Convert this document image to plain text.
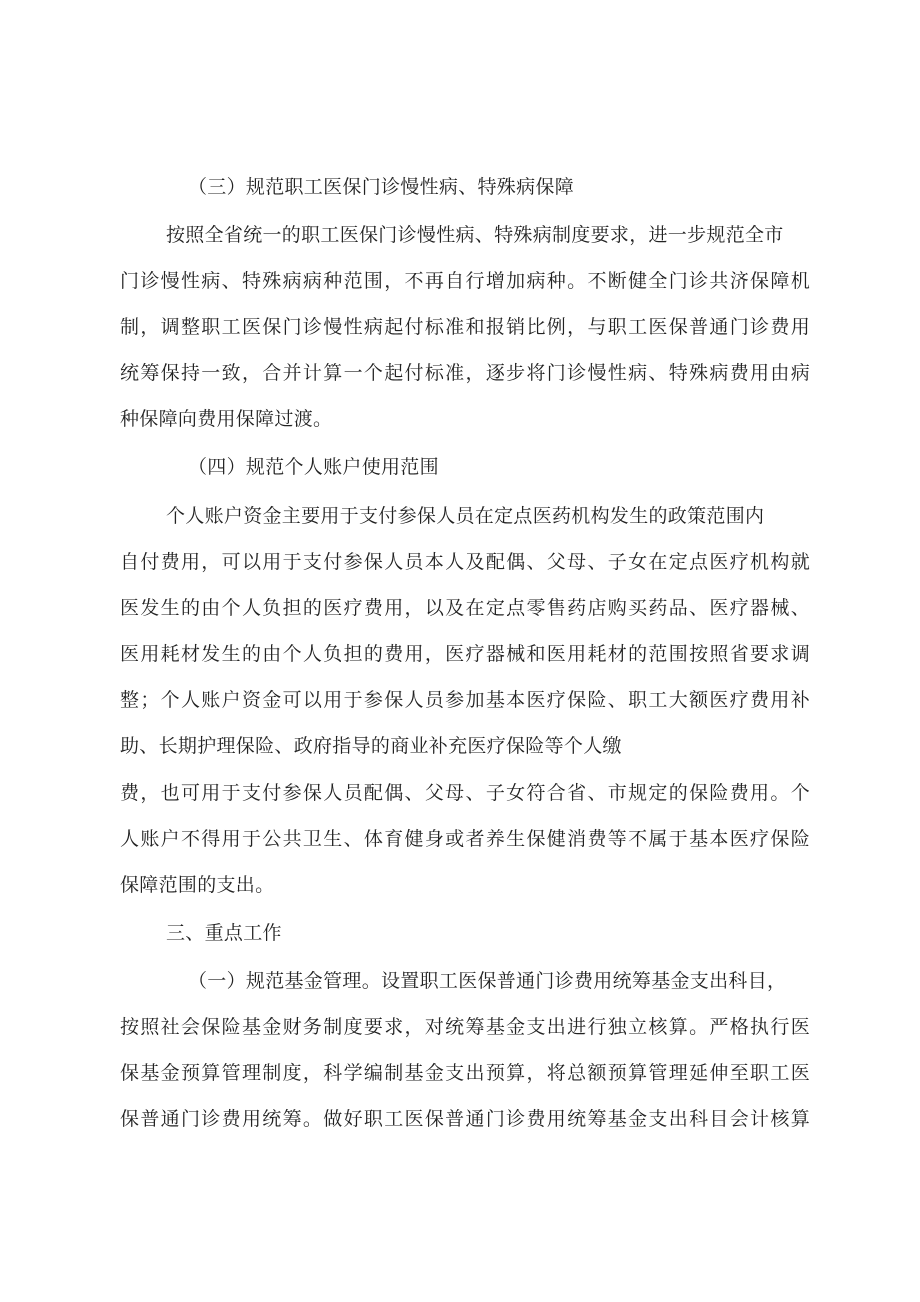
（三）规范职工医保门诊慢性病、特殊病保障
按照全省统一的职工医保门诊慢性病、特殊病制度要求，进一步规范全市
门诊慢性病、特殊病病种范围，不再自行增加病种。不断健全门诊共济保障机
制，调整职工医保门诊慢性病起付标准和报销比例，与职工医保普通门诊费用
统筹保持一致，合并计算一个起付标准，逐步将门诊慢性病、特殊病费用由病
种保障向费用保障过渡。
（四）规范个人账户使用范围
个人账户资金主要用于支付参保人员在定点医药机构发生的政策范围内
自付费用，可以用于支付参保人员本人及配偶、父母、子女在定点医疗机构就
医发生的由个人负担的医疗费用，以及在定点零售药店购买药品、医疗器械、
医用耗材发生的由个人负担的费用，医疗器械和医用耗材的范围按照省要求调
整；个人账户资金可以用于参保人员参加基本医疗保险、职工大额医疗费用补
助、长期护理保险、政府指导的商业补充医疗保险等个人缴
费，也可用于支付参保人员配偶、父母、子女符合省、市规定的保险费用。个
人账户不得用于公共卫生、体育健身或者养生保健消费等不属于基本医疗保险
保障范围的支出。
三、重点工作
（一）规范基金管理。设置职工医保普通门诊费用统筹基金支出科目，
按照社会保险基金财务制度要求，对统筹基金支出进行独立核算。严格执行医
保基金预算管理制度，科学编制基金支出预算，将总额预算管理延伸至职工医
保普通门诊费用统筹。做好职工医保普通门诊费用统筹基金支出科目会计核算
